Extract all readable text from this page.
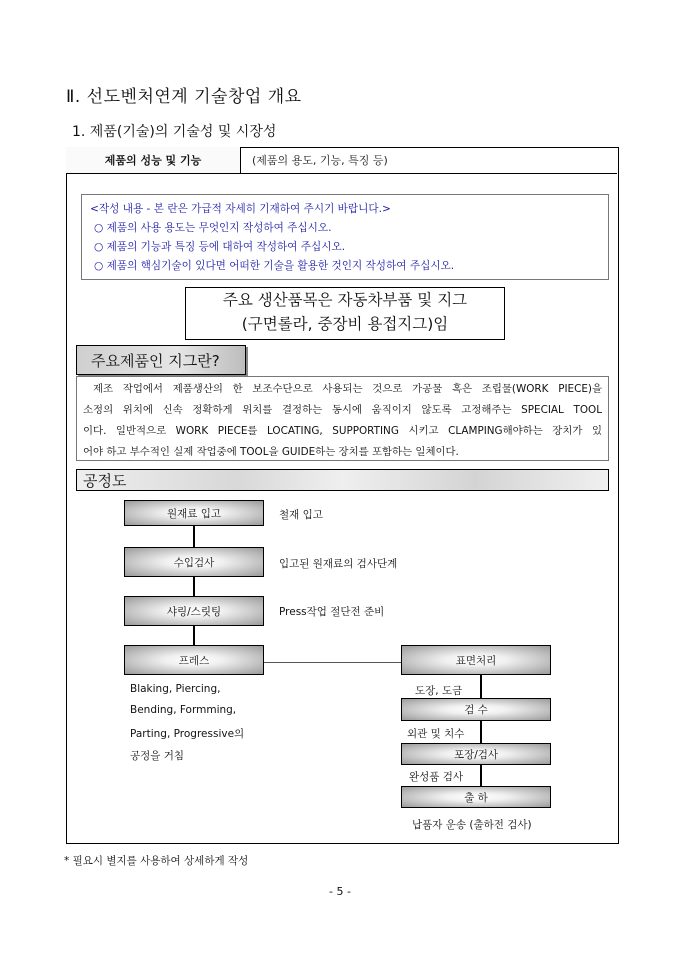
Ⅱ. 선도벤처연계 기술창업 개요
1. 제품(기술)의 기술성 및 시장성
제품의 성능 및 기능	(제품의 용도, 기능, 특징 등)
<작성 내용 - 본 란은 가급적 자세히 기재하여 주시기 바랍니다.>
○ 제품의 사용 용도는 무엇인지 작성하여 주십시오.
○ 제품의 기능과 특징 등에 대하여 작성하여 주십시오.
○ 제품의 핵심기술이 있다면 어떠한 기술을 활용한 것인지 작성하여 주십시오.
주요 생산품목은 자동차부품 및 지그
(구면롤라, 중장비 용접지그)임
주요제품인 지그란?
제조 작업에서 제품생산의 한 보조수단으로 사용되는 것으로 가공물 혹은 조립물(WORK PIECE)을
소정의 위치에 신속 정확하게 위치를 결정하는 동시에 움직이지 않도록 고정해주는 SPECIAL TOOL
이다. 일반적으로 WORK PIECE를 LOCATING, SUPPORTING 시키고 CLAMPING해야하는 장치가 있
어야 하고 부수적인 실제 작업중에 TOOL을 GUIDE하는 장치를 포함하는 일체이다.
공정도
원재료 입고	철재 입고
수입검사	입고된 원재료의 검사단계
샤링/스릿팅	Press작업 절단전 준비
프레스
Blaking, Piercing,
Bending, Formming,
Parting, Progressive의
공정을 거침
표면처리
도장, 도금
검 수
외관 및 치수
포장/검사
완성품 검사
출 하
납품자 운송 (출하전 검사)
* 필요시 별지를 사용하여 상세하게 작성
- 5 -
